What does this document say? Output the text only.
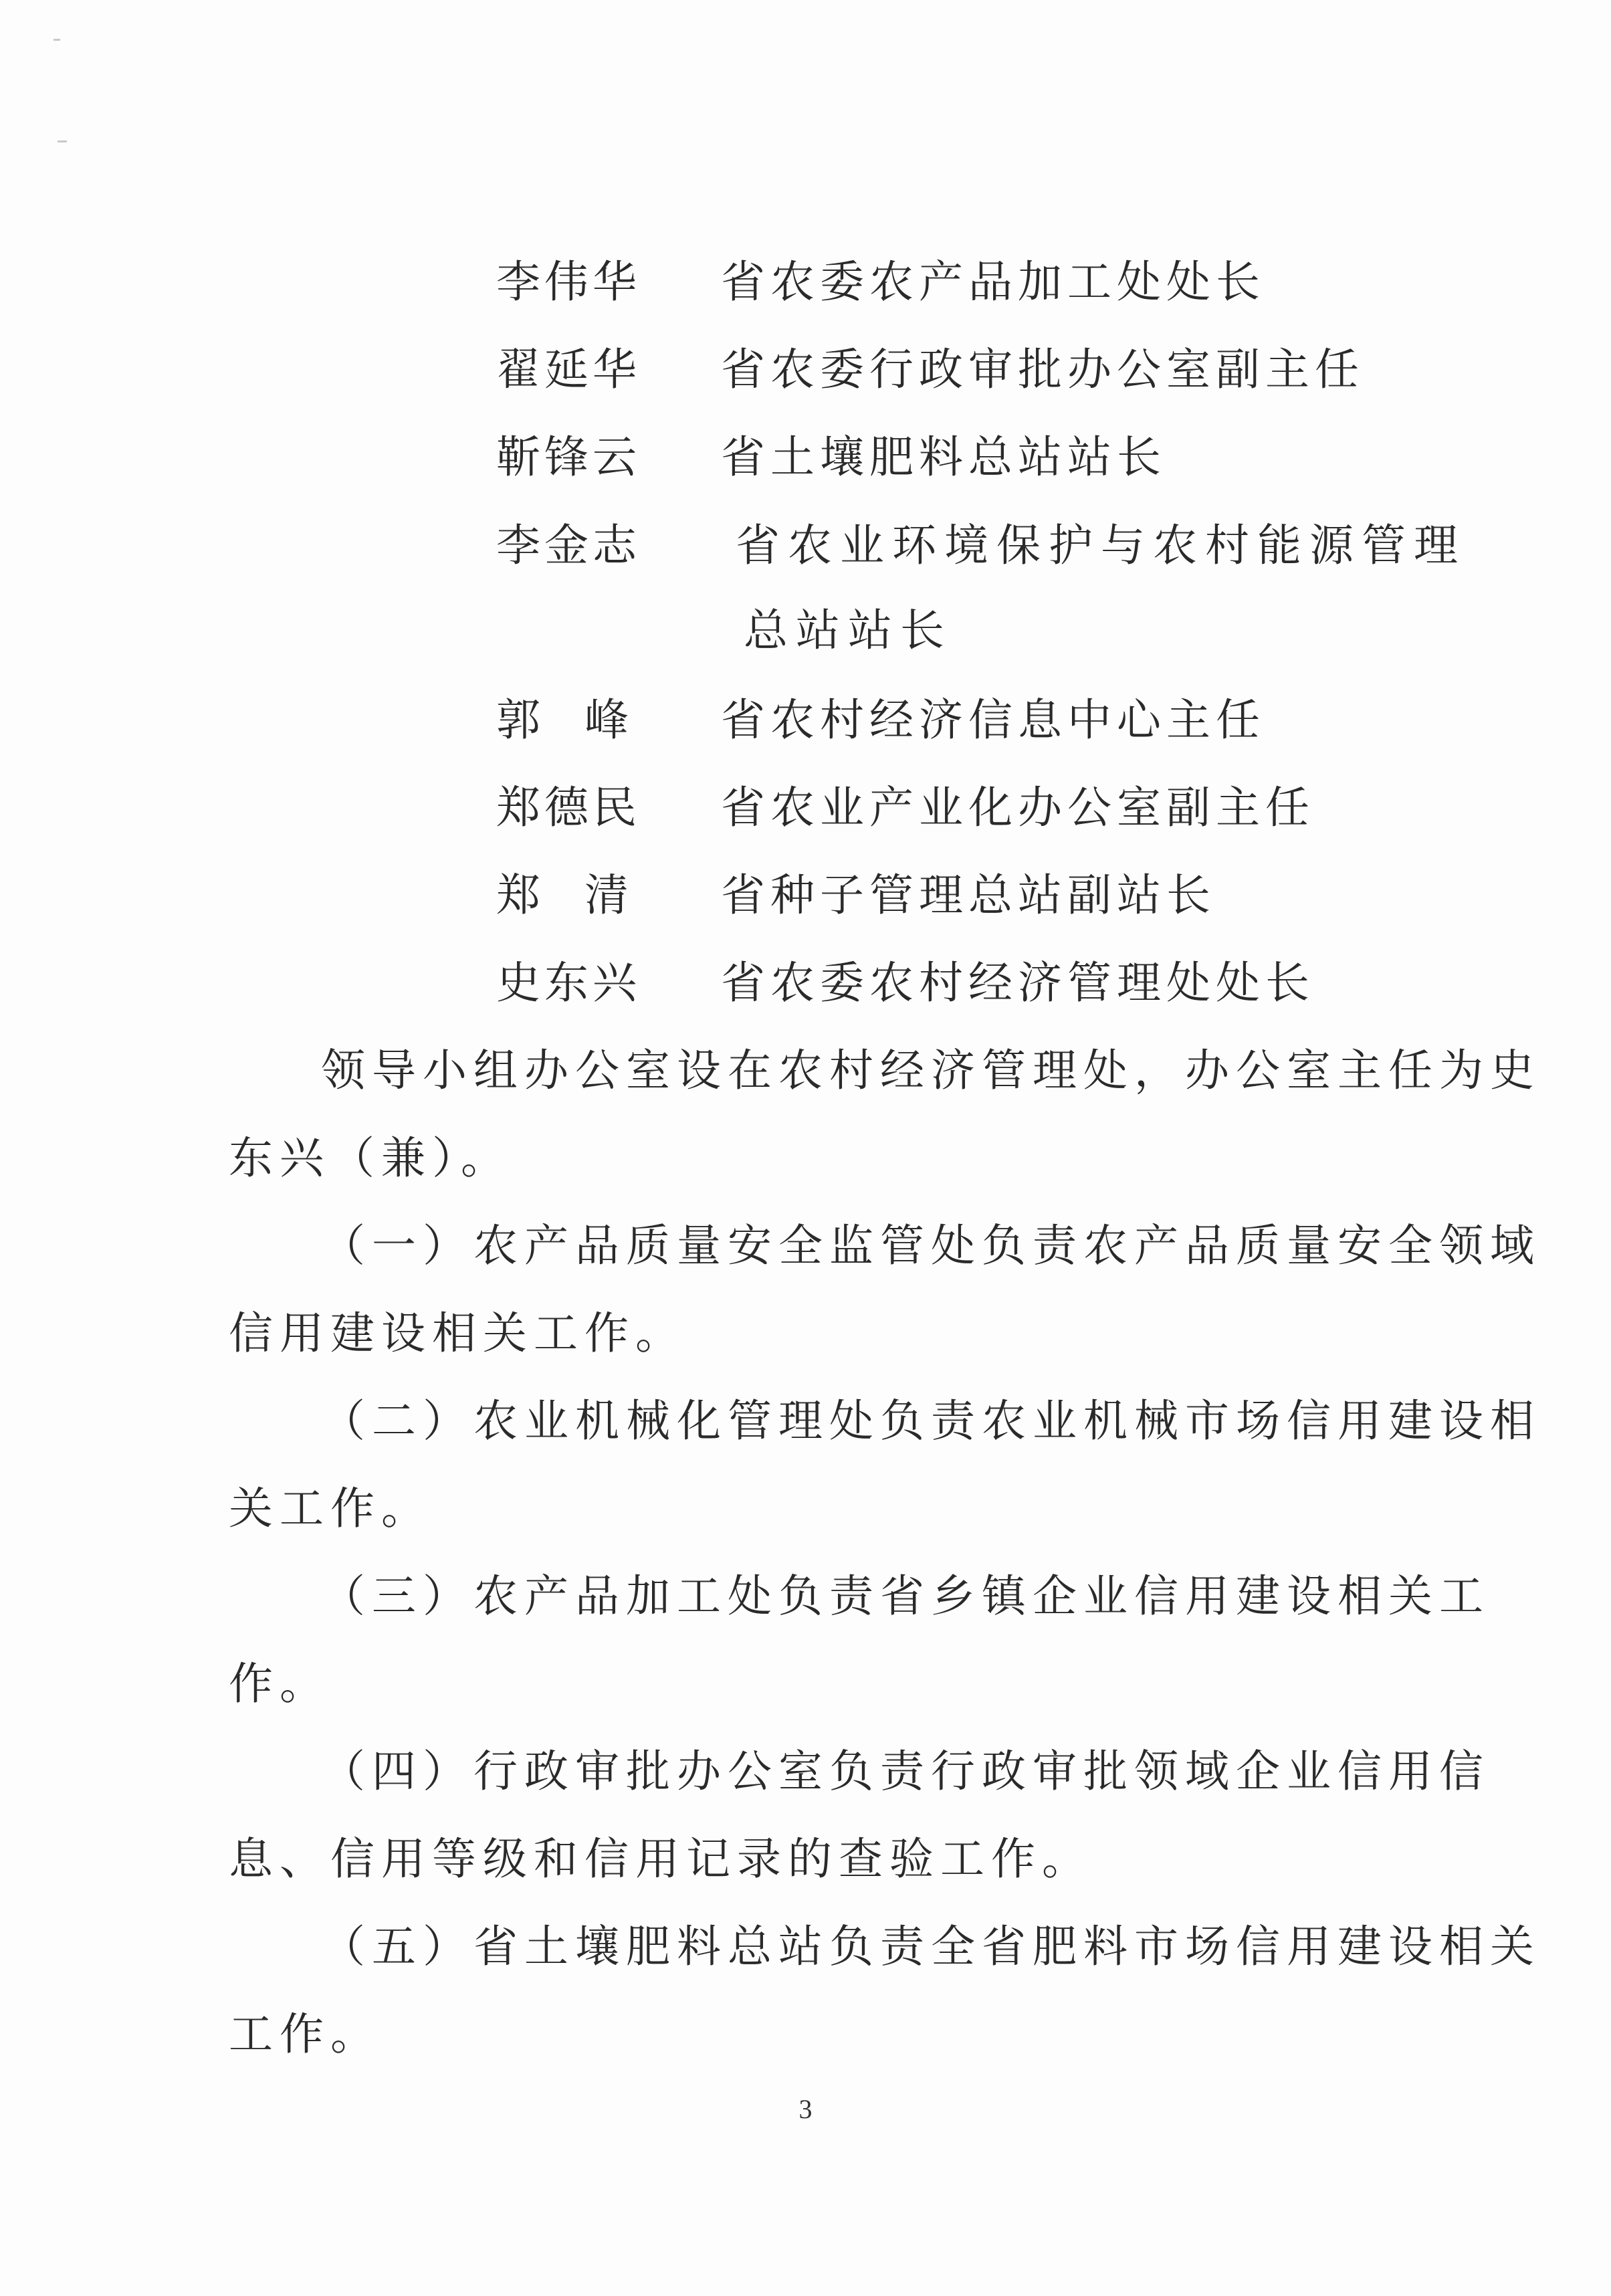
李伟华 省农委农产品加工处处长
翟延华 省农委行政审批办公室副主任
靳锋云 省土壤肥料总站站长
李金志 省农业环境保护与农村能源管理
总站站长
郭　峰 省农村经济信息中心主任
郑德民 省农业产业化办公室副主任
郑　清 省种子管理总站副站长
史东兴 省农委农村经济管理处处长
领导小组办公室设在农村经济管理处，办公室主任为史
东兴（兼）。
（一）农产品质量安全监管处负责农产品质量安全领域
信用建设相关工作。
（二）农业机械化管理处负责农业机械市场信用建设相
关工作。
（三）农产品加工处负责省乡镇企业信用建设相关工
作。
（四）行政审批办公室负责行政审批领域企业信用信
息、信用等级和信用记录的查验工作。
（五）省土壤肥料总站负责全省肥料市场信用建设相关
工作。
3
